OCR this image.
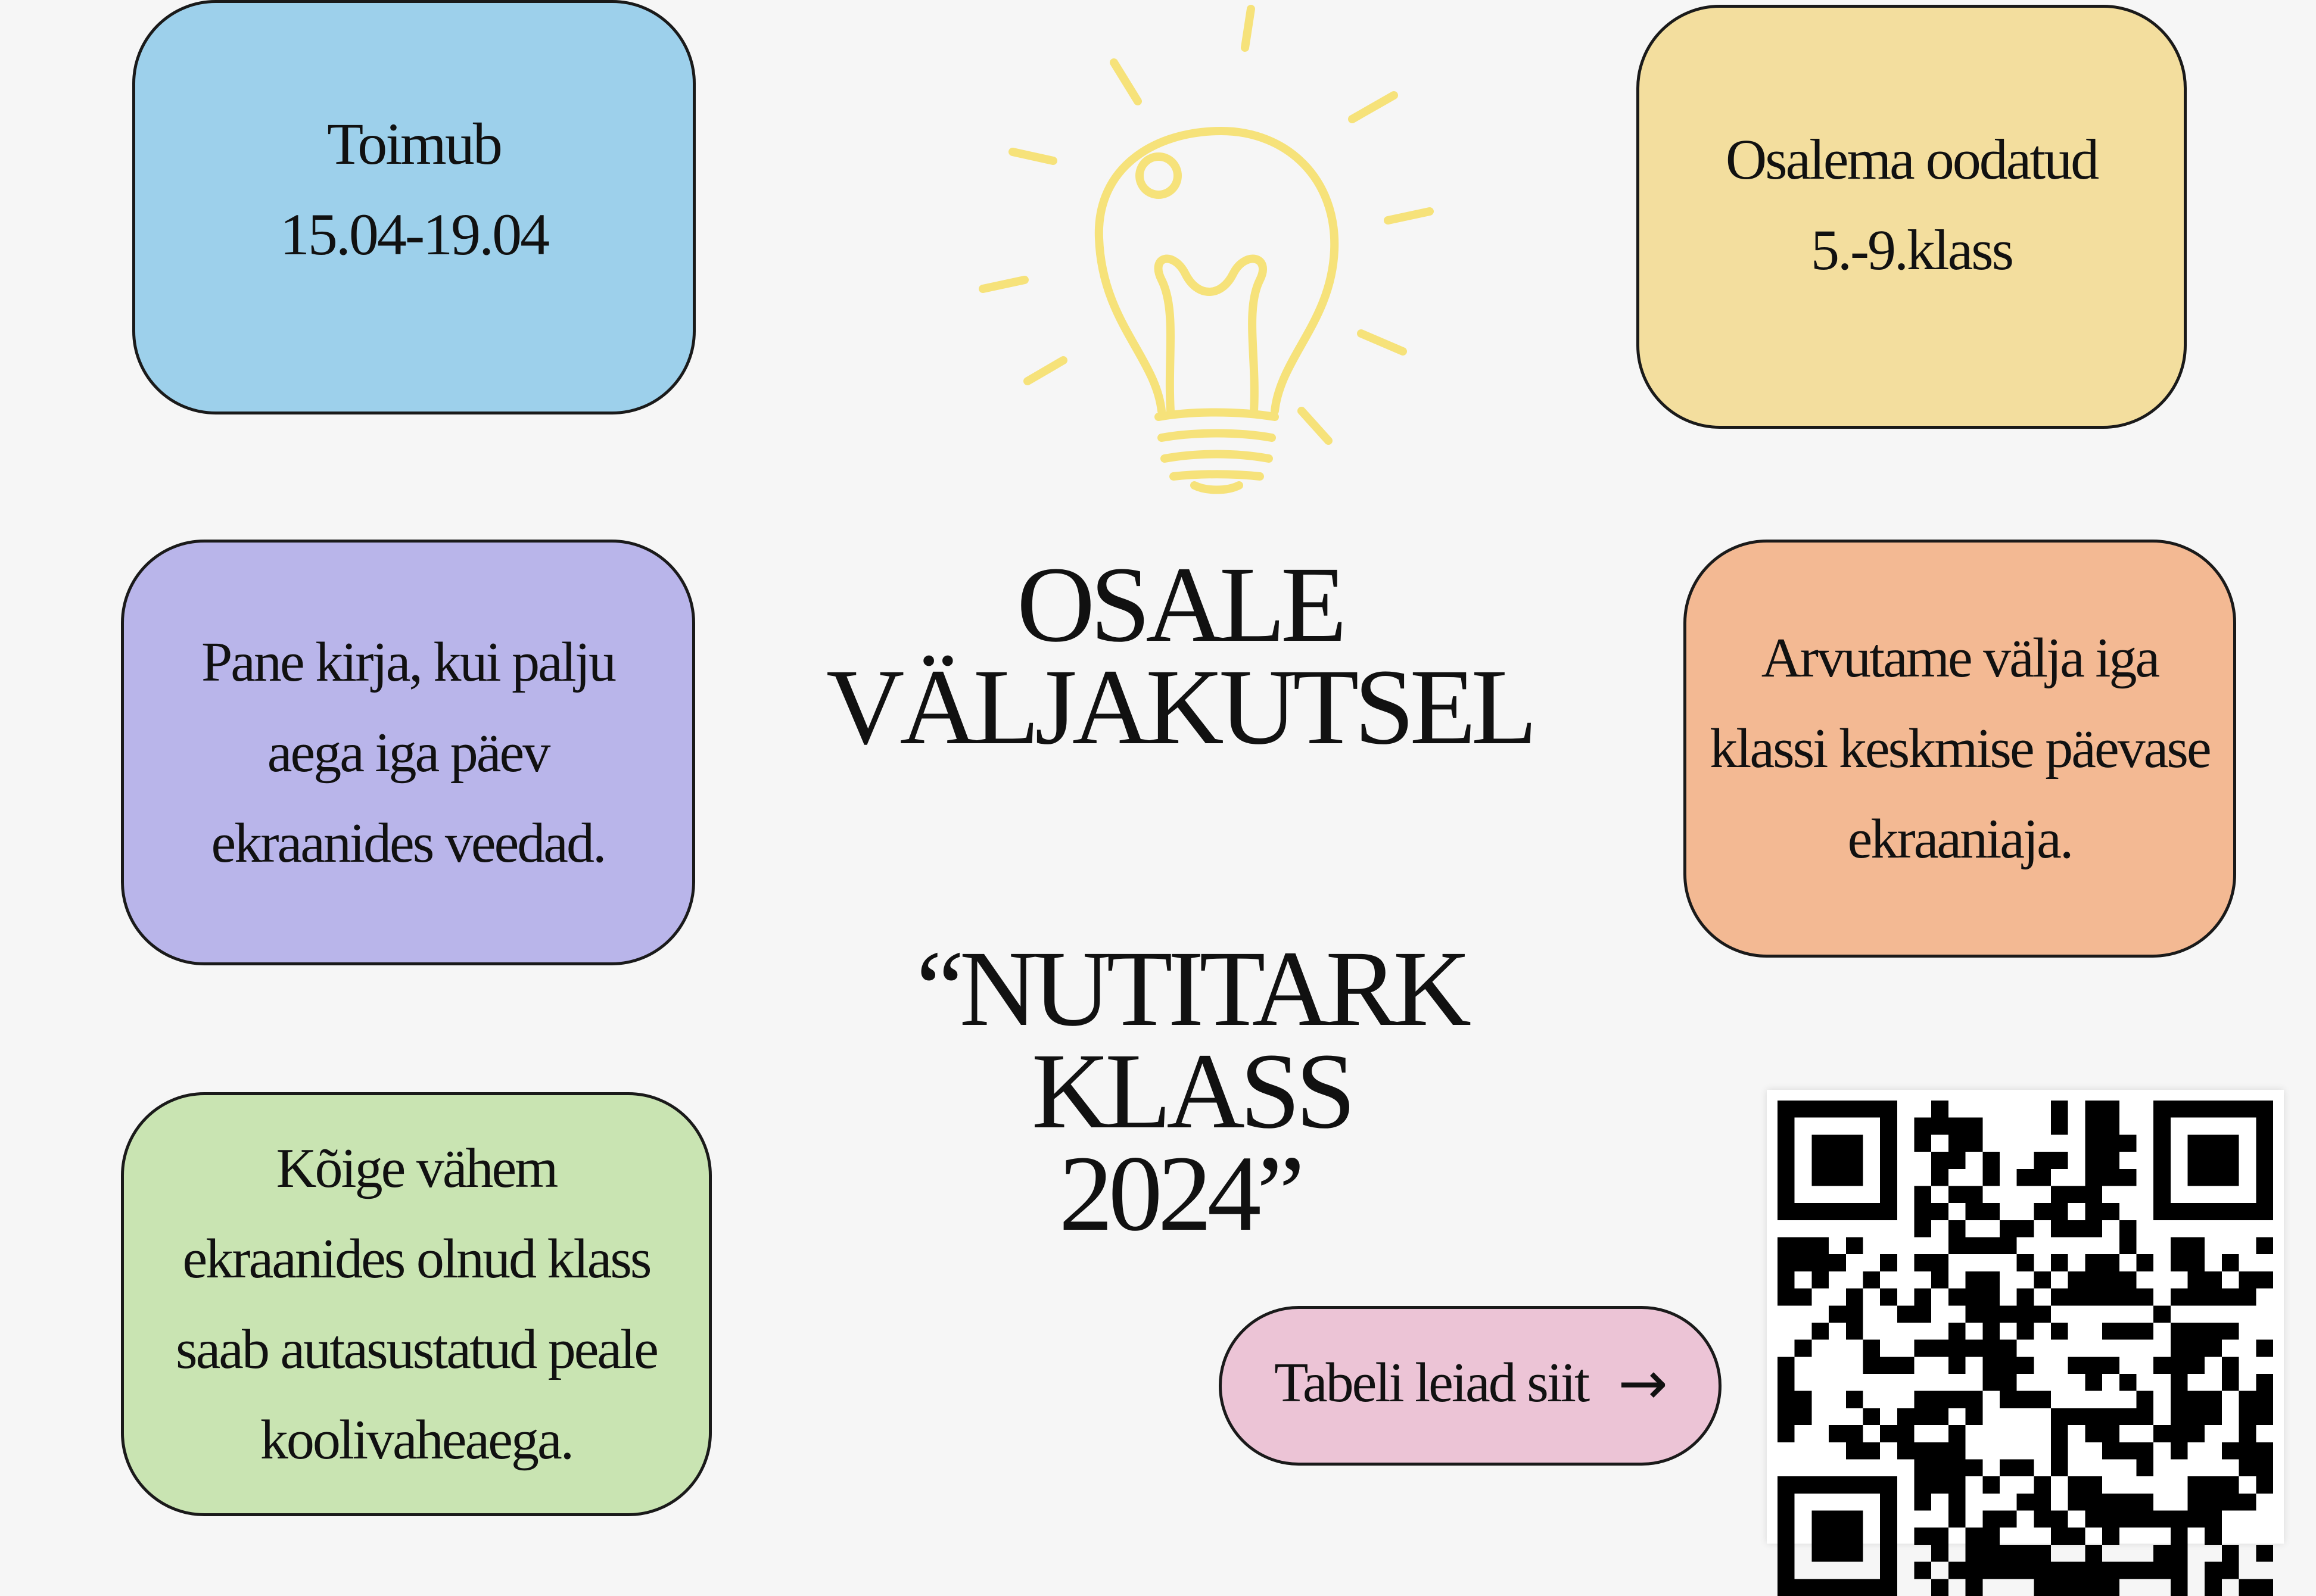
Toimub
15.04-19.04
Osalema oodatud
5.-9.klass
Pane kirja, kui palju
aega iga päev
ekraanides veedad.
Arvutame välja iga
klassi keskmise päevase
ekraaniaja.
Kõige vähem
ekraanides olnud klass
saab autasustatud peale
koolivaheaega.
OSALE
VÄLJAKUTSEL
“NUTITARK KLASS
2024”
Tabeli leiad siit →
